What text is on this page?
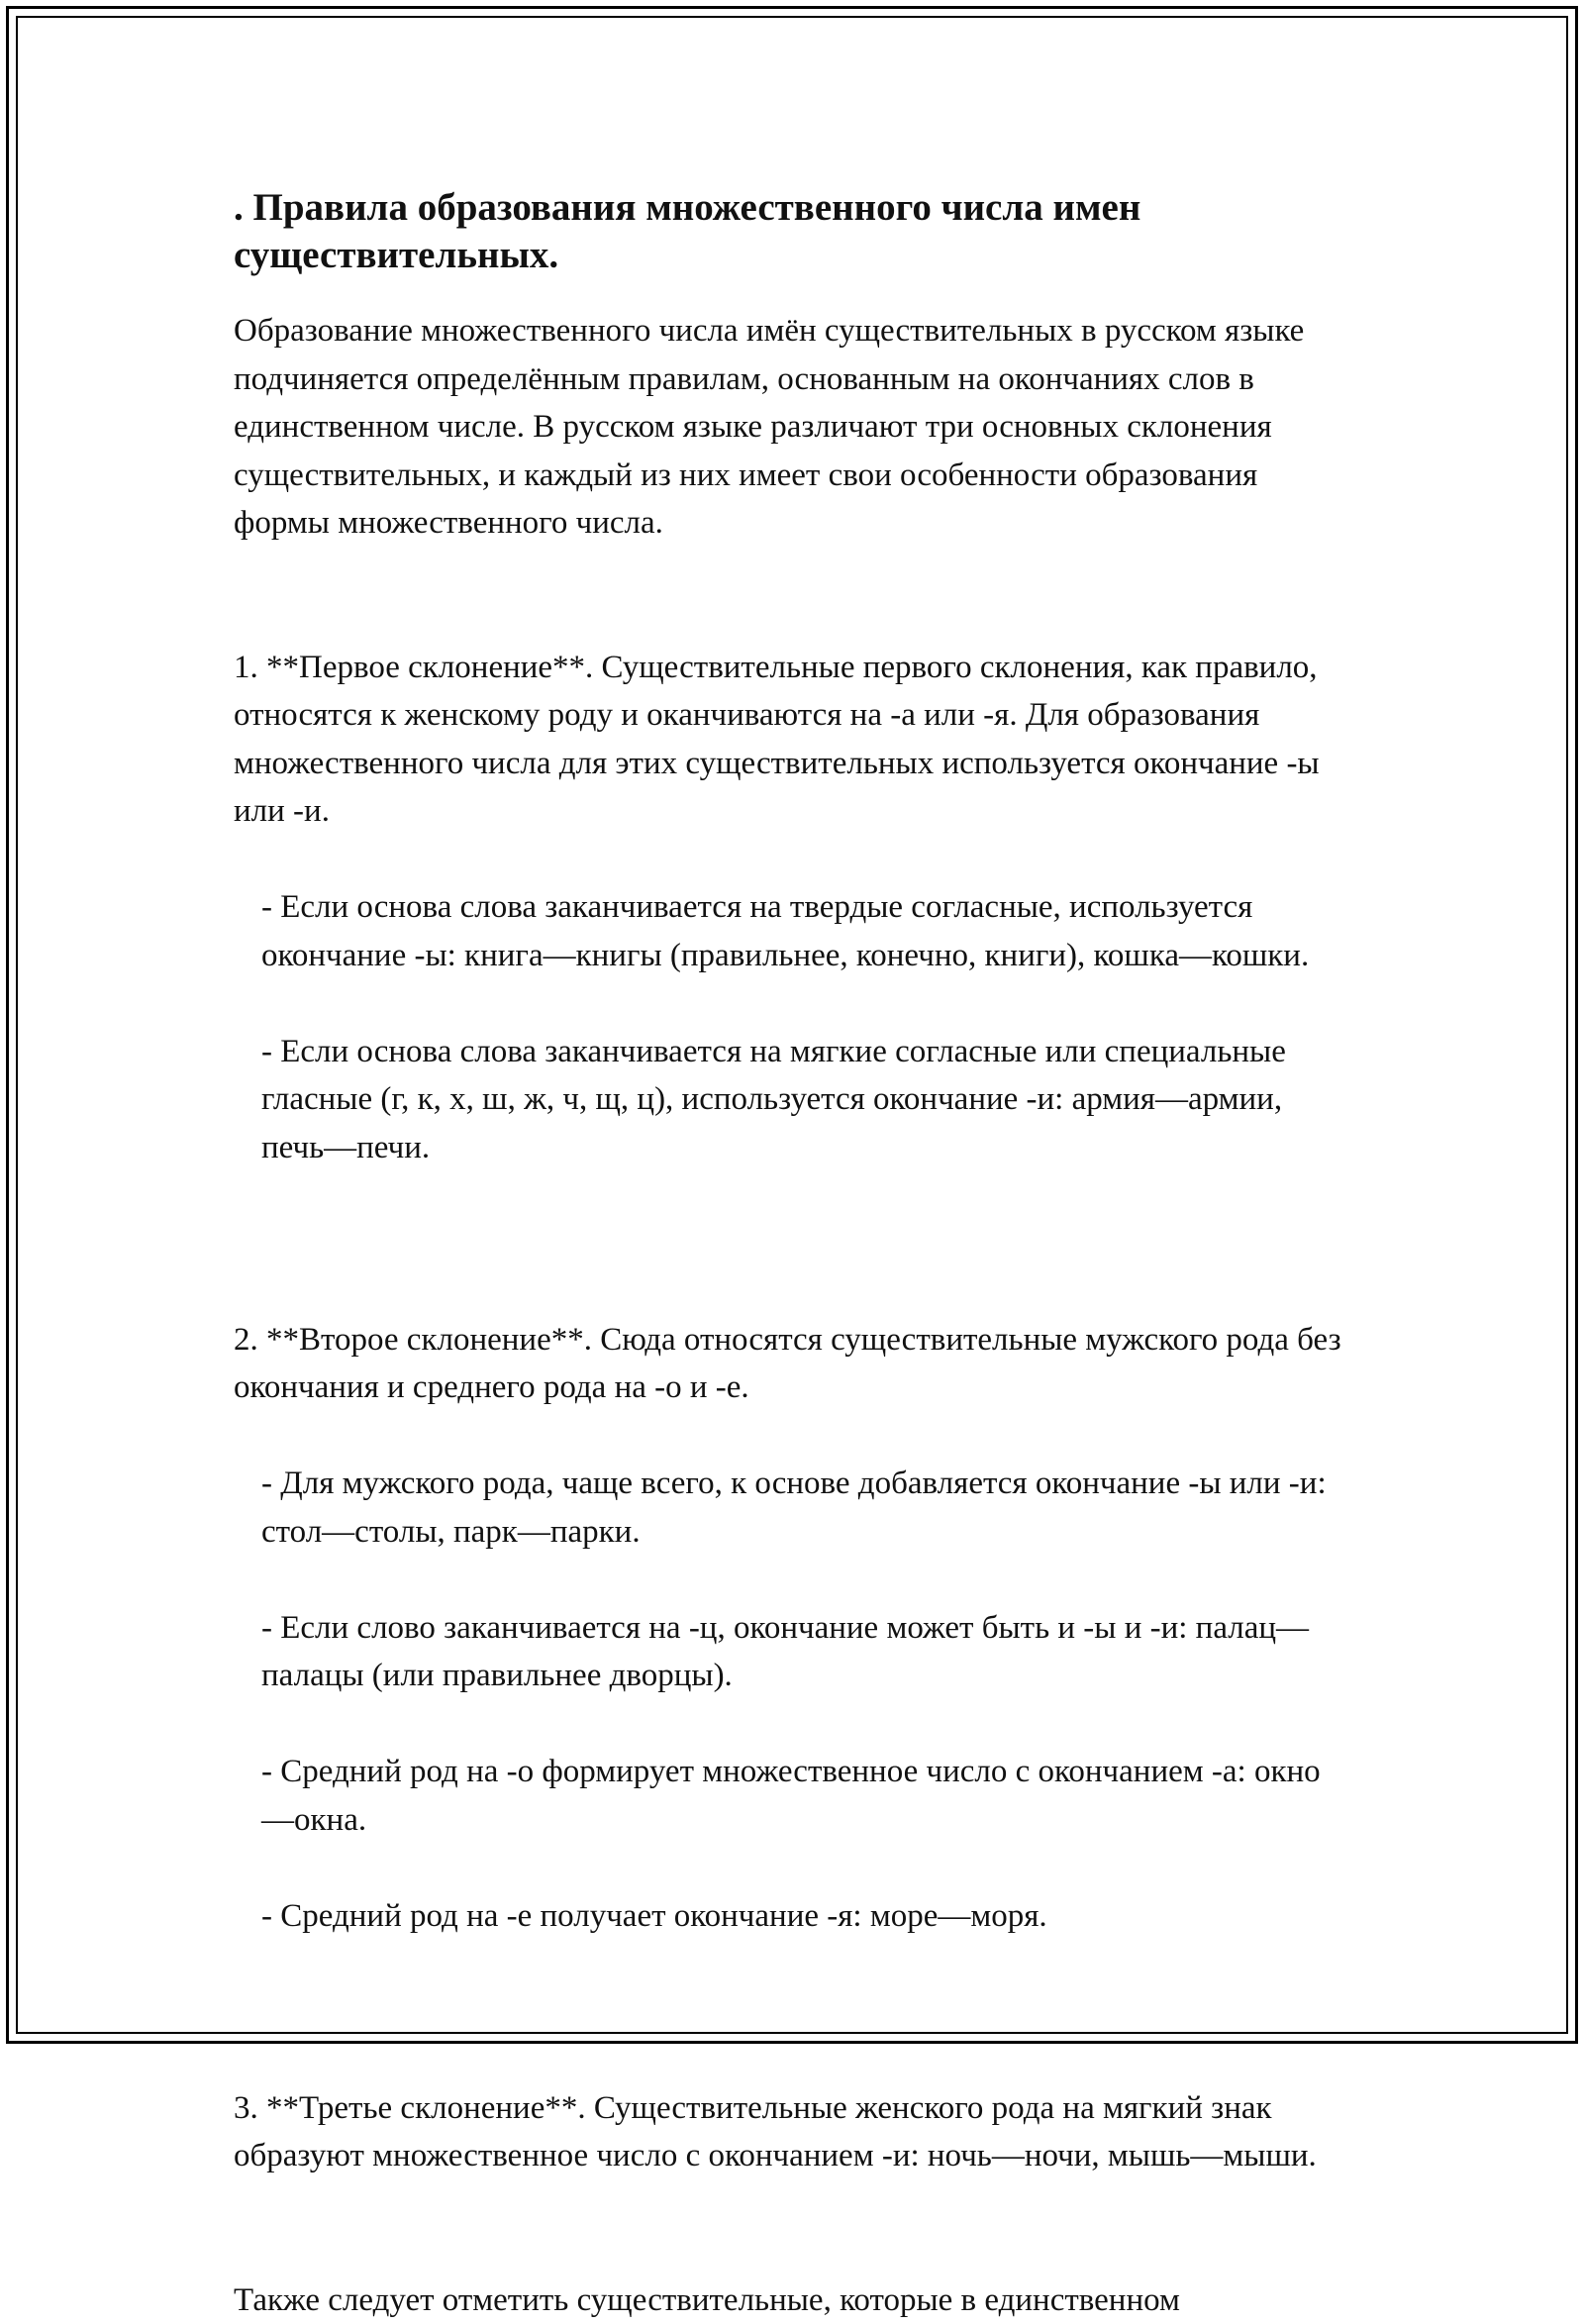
. Правила образования множественного числа имен существительных.

Образование множественного числа имён существительных в русском языке подчиняется определённым правилам, основанным на окончаниях слов в единственном числе. В русском языке различают три основных склонения существительных, и каждый из них имеет свои особенности образования формы множественного числа.

1. **Первое склонение**. Существительные первого склонения, как правило, относятся к женскому роду и оканчиваются на -а или -я. Для образования множественного числа для этих существительных используется окончание -ы или -и.

- Если основа слова заканчивается на твердые согласные, используется окончание -ы: книга—книгы (правильнее, конечно, книги), кошка—кошки.

- Если основа слова заканчивается на мягкие согласные или специальные гласные (г, к, х, ш, ж, ч, щ, ц), используется окончание -и: армия—армии, печь—печи.

2. **Второе склонение**. Сюда относятся существительные мужского рода без окончания и среднего рода на -о и -е.

- Для мужского рода, чаще всего, к основе добавляется окончание -ы или -и: стол—столы, парк—парки.

- Если слово заканчивается на -ц, окончание может быть и -ы и -и: палац—палацы (или правильнее дворцы).

- Средний род на -о формирует множественное число с окончанием -а: окно—окна.

- Средний род на -е получает окончание -я: море—моря.

3. **Третье склонение**. Существительные женского рода на мягкий знак образуют множественное число с окончанием -и: ночь—ночи, мышь—мыши.

Также следует отметить существительные, которые в единственном
